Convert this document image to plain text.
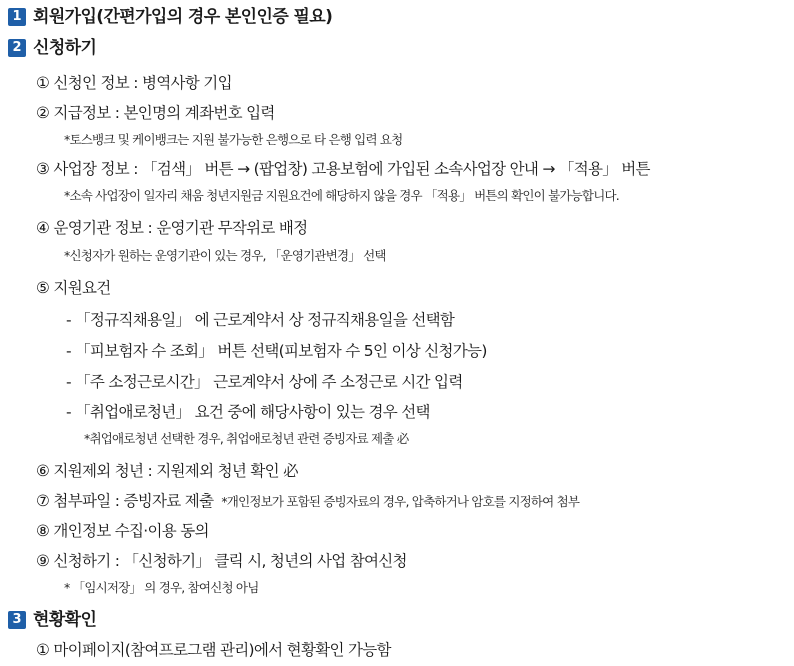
1 회원가입(간편가입의 경우 본인인증 필요)
2 신청하기
① 신청인 정보 : 병역사항 기입
② 지급정보 : 본인명의 계좌번호 입력
*토스뱅크 및 케이뱅크는 지원 불가능한 은행으로 타 은행 입력 요청
③ 사업장 정보 : 「검색」 버튼 → (팝업창) 고용보험에 가입된 소속사업장 안내 → 「적용」 버튼
*소속 사업장이 일자리 채움 청년지원금 지원요건에 해당하지 않을 경우 「적용」 버튼의 확인이 불가능합니다.
④ 운영기관 정보 : 운영기관 무작위로 배정
*신청자가 원하는 운영기관이 있는 경우, 「운영기관변경」 선택
⑤ 지원요건
- 「정규직채용일」 에 근로계약서 상 정규직채용일을 선택함
- 「피보험자 수 조회」 버튼 선택(피보험자 수 5인 이상 신청가능)
- 「주 소정근로시간」 근로계약서 상에 주 소정근로 시간 입력
- 「취업애로청년」 요건 중에 해당사항이 있는 경우 선택
*취업애로청년 선택한 경우, 취업애로청년 관련 증빙자료 제출 必
⑥ 지원제외 청년 : 지원제외 청년 확인 必
⑦ 첨부파일 : 증빙자료 제출 *개인정보가 포함된 증빙자료의 경우, 압축하거나 암호를 지정하여 첨부
⑧ 개인정보 수집·이용 동의
⑨ 신청하기 : 「신청하기」 클릭 시, 청년의 사업 참여신청
* 「임시저장」 의 경우, 참여신청 아님
3 현황확인
① 마이페이지(참여프로그램 관리)에서 현황확인 가능함
